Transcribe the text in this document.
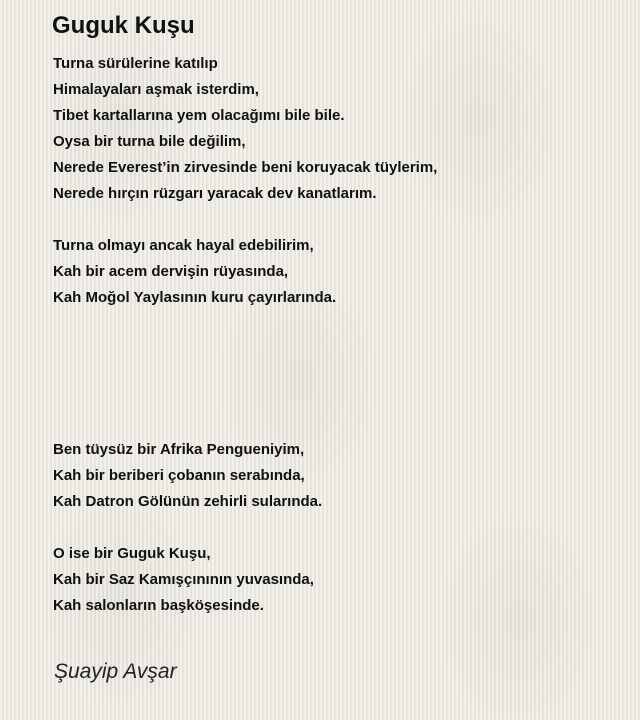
Guguk Kuşu
Turna sürülerine katılıp
Himalayaları aşmak isterdim,
Tibet kartallarına yem olacağımı bile bile.
Oysa bir turna bile değilim,
Nerede Everest’in zirvesinde beni koruyacak tüylerim,
Nerede hırçın rüzgarı yaracak dev kanatlarım.
Turna olmayı ancak hayal edebilirim,
Kah bir acem dervişin rüyasında,
Kah Moğol Yaylasının kuru çayırlarında.
Ben tüysüz bir Afrika Pengueniyim,
Kah bir beriberi çobanın serabında,
Kah Datron Gölünün zehirli sularında.
O ise bir Guguk Kuşu,
Kah bir Saz Kamışçınının yuvasında,
Kah salonların başköşesinde.

Şuayip Avşar
